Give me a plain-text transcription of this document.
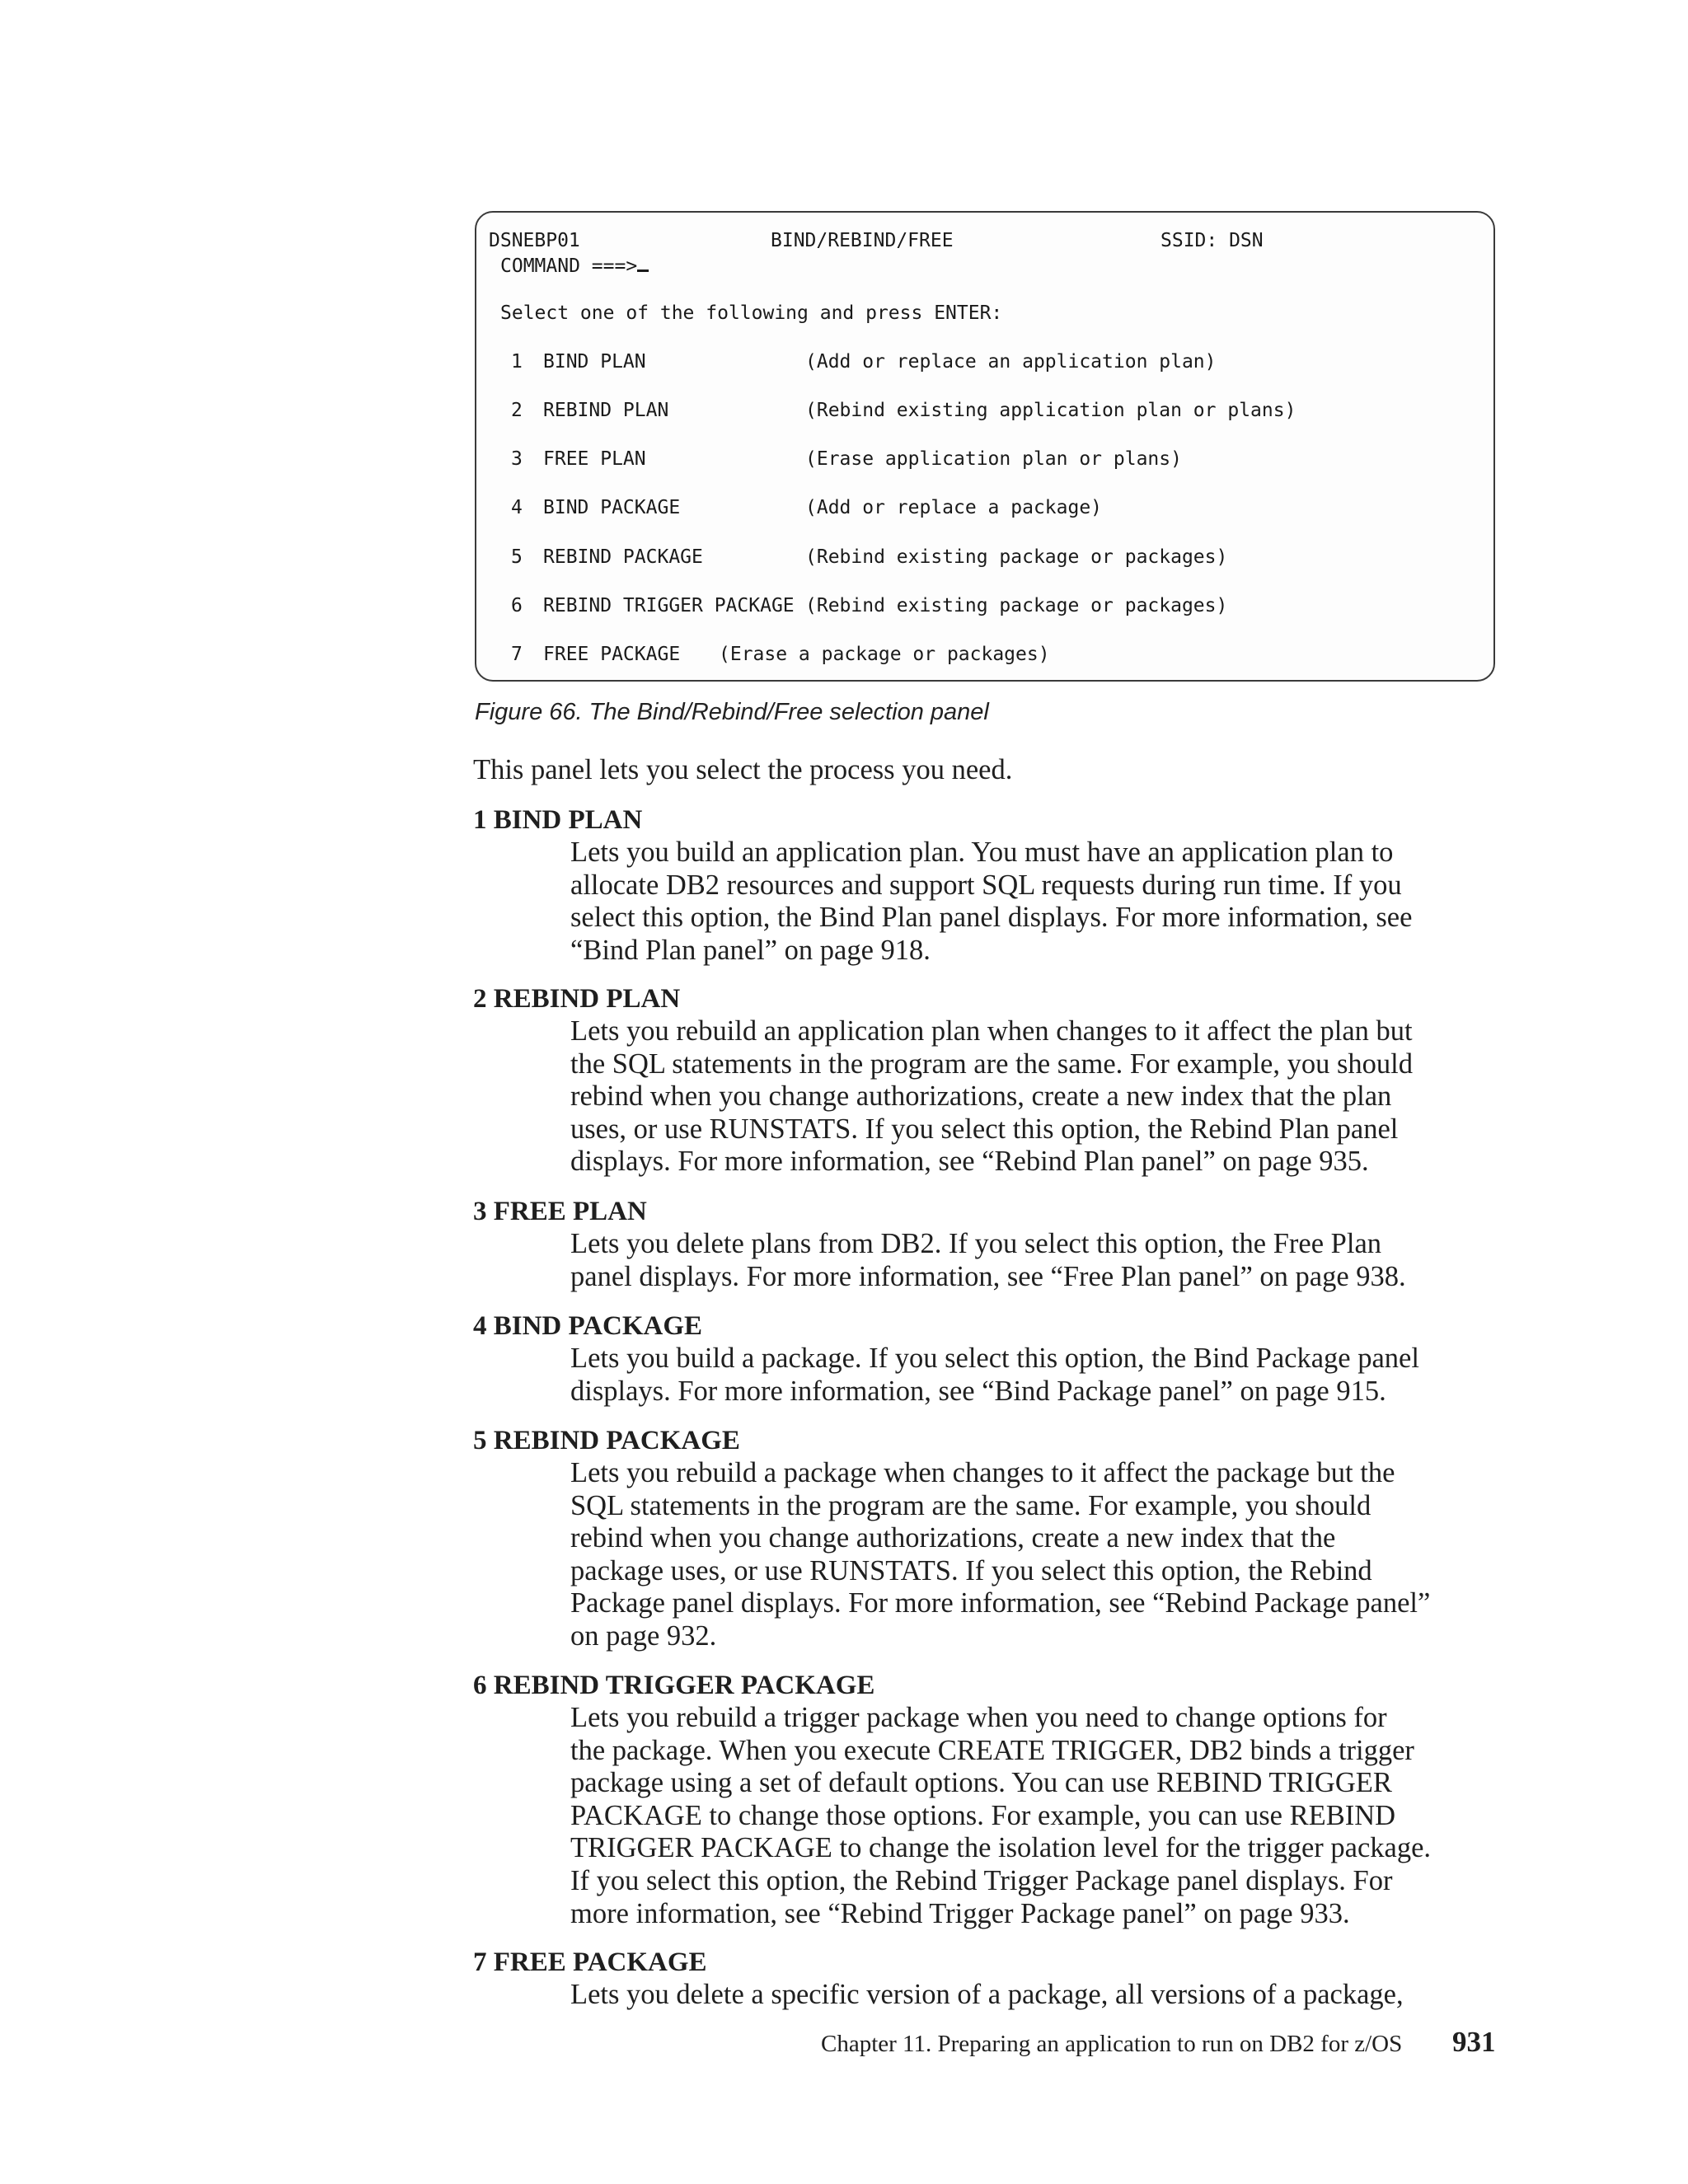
DSNEBP01	BIND/REBIND/FREE	SSID: DSN
COMMAND ===>
Select one of the following and press ENTER:
1 BIND PLAN	(Add or replace an application plan)
2 REBIND PLAN	(Rebind existing application plan or plans)
3 FREE PLAN	(Erase application plan or plans)
4 BIND PACKAGE	(Add or replace a package)
5 REBIND PACKAGE	(Rebind existing package or packages)
6 REBIND TRIGGER PACKAGE (Rebind existing package or packages)
7 FREE PACKAGE (Erase a package or packages)
Figure 66. The Bind/Rebind/Free selection panel
This panel lets you select the process you need.
1 BIND PLAN
Lets you build an application plan. You must have an application plan to
allocate DB2 resources and support SQL requests during run time. If you
select this option, the Bind Plan panel displays. For more information, see
“Bind Plan panel” on page 918.
2 REBIND PLAN
Lets you rebuild an application plan when changes to it affect the plan but
the SQL statements in the program are the same. For example, you should
rebind when you change authorizations, create a new index that the plan
uses, or use RUNSTATS. If you select this option, the Rebind Plan panel
displays. For more information, see “Rebind Plan panel” on page 935.
3 FREE PLAN
Lets you delete plans from DB2. If you select this option, the Free Plan
panel displays. For more information, see “Free Plan panel” on page 938.
4 BIND PACKAGE
Lets you build a package. If you select this option, the Bind Package panel
displays. For more information, see “Bind Package panel” on page 915.
5 REBIND PACKAGE
Lets you rebuild a package when changes to it affect the package but the
SQL statements in the program are the same. For example, you should
rebind when you change authorizations, create a new index that the
package uses, or use RUNSTATS. If you select this option, the Rebind
Package panel displays. For more information, see “Rebind Package panel”
on page 932.
6 REBIND TRIGGER PACKAGE
Lets you rebuild a trigger package when you need to change options for
the package. When you execute CREATE TRIGGER, DB2 binds a trigger
package using a set of default options. You can use REBIND TRIGGER
PACKAGE to change those options. For example, you can use REBIND
TRIGGER PACKAGE to change the isolation level for the trigger package.
If you select this option, the Rebind Trigger Package panel displays. For
more information, see “Rebind Trigger Package panel” on page 933.
7 FREE PACKAGE
Lets you delete a specific version of a package, all versions of a package,
Chapter 11. Preparing an application to run on DB2 for z/OS 931
